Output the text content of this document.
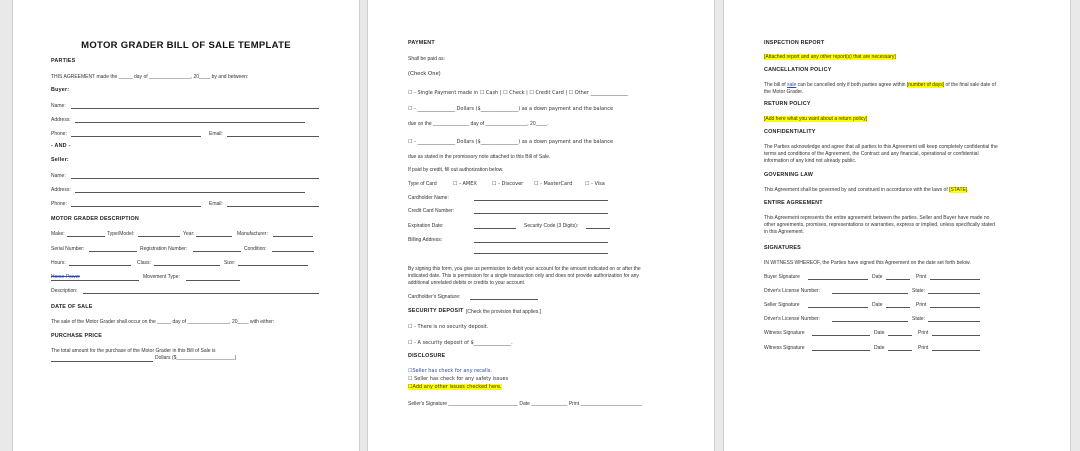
MOTOR GRADER BILL OF SALE TEMPLATE
PARTIES
THIS AGREEMENT made the _____ day of _______________, 20____ by and between:
Buyer:
Name:
Address:
Phone:	Email:
- AND -
Seller:
Name:
Address:
Phone:	Email:
MOTOR GRADER DESCRIPTION
Make:	Type/Model:	Year:	Manufacturer:
Serial Number:	Registration Number:	Condition:
Hours:	Class:	Size:
Horse Power	Movement Type:
Description:
DATE OF SALE
The sale of the Motor Grader shall occur on the _____ day of _______________, 20____ with either:
PURCHASE PRICE
The total amount for the purchase of the Motor Grader in this Bill of Sale is
Dollars ($_____________________)
PAYMENT
Shall be paid as:
(Check One)
☐ - Single Payment made in ☐ Cash | ☐ Check | ☐ Credit Card | ☐ Other _______________
☐ - _______________ Dollars ($_______________) as a down payment and the balance
due on the _____________ day of _______________, 20____.
☐ - _______________ Dollars ($_______________) as a down payment and the balance
due as stated in the promissory note attached to this Bill of Sale.
If paid by credit, fill out authorization below.
Type of Card	☐ - AMEX	☐ - Discover ☐ - MasterCard	☐ - Visa
Cardholder Name:
Credit Card Number:
Expiration Date:	Security Code (3 Digits):
Billing Address:
By signing this form, you give us permission to debit your account for the amount indicated on or after the
indicated date. This is permission for a single transaction only and does not provide authorization for any
additional unrelated debits or credits to your account.
Cardholder's Signature:
SECURITY DEPOSIT [Check the provision that applies.]
☐ - There is no security deposit.
☐ - A security deposit of $_______________.
DISCLOSURE
☐Seller has check for any recalls.
☐ Seller has check for any safety issues
☐Add any other issues checked here.
Seller's Signature _________________________ Date _____________ Print ______________________
INSPECTION REPORT
[Attached report and any other report(s) that are necessary]
CANCELLATION POLICY
The bill of sale can be cancelled only if both parties agree within [number of days] of the final sale date of
the Motor Grader.
RETURN POLICY
[Add here what you want about a return policy]
CONFIDENTIALITY
The Parties acknowledge and agree that all parties to this Agreement will keep completely confidential the
terms and conditions of the Agreement, the Contract and any financial, operational or confidential
information of any kind not already public.
GOVERNING LAW
This Agreement shall be governed by and construed in accordance with the laws of [STATE].
ENTIRE AGREEMENT
This Agreement represents the entire agreement between the parties. Seller and Buyer have made no
other agreements, promises, representations or warranties, express or implied, unless specifically stated
in this Agreement.
SIGNATURES
IN WITNESS WHEREOF, the Parties have signed this Agreement on the date set forth below.
Buyer Signature	Date	Print
Driver's License Number:	State:
Seller Signature	Date	Print
Driver's License Number:	State:
Witness Signature	Date	Print
Witness Signature	Date	Print
